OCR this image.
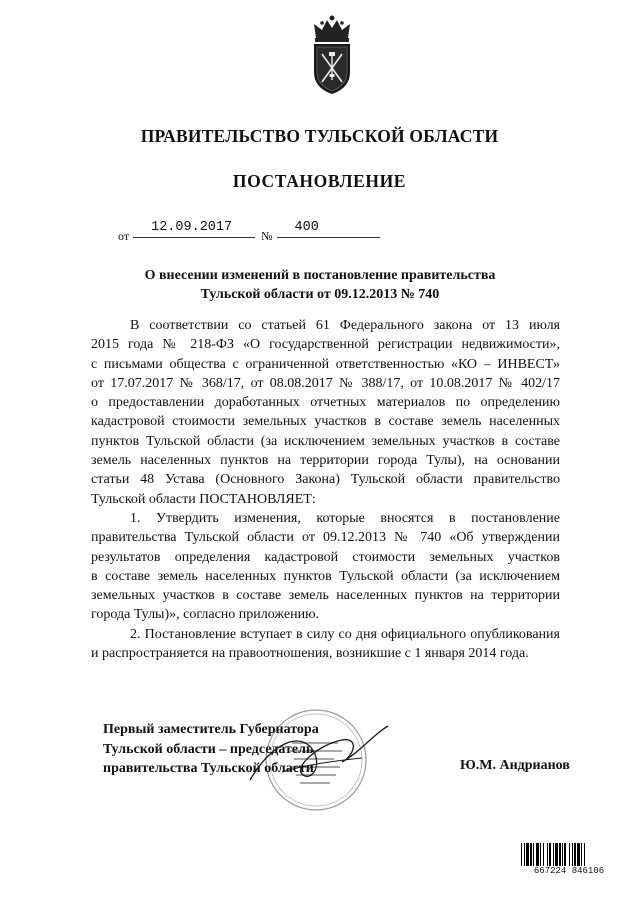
ПРАВИТЕЛЬСТВО ТУЛЬСКОЙ ОБЛАСТИ
ПОСТАНОВЛЕНИЕ
от12.09.2017№400
О внесении изменений в постановление правительства
Тульской области от 09.12.2013 № 740
В соответствии со статьей 61 Федерального закона от 13 июля
2015 года № 218-ФЗ «О государственной регистрации недвижимости»,
с письмами общества с ограниченной ответственностью «КО – ИНВЕСТ»
от 17.07.2017 № 368/17, от 08.08.2017 № 388/17, от 10.08.2017 № 402/17
о предоставлении доработанных отчетных материалов по определению
кадастровой стоимости земельных участков в составе земель населенных
пунктов Тульской области (за исключением земельных участков в составе
земель населенных пунктов на территории города Тулы), на основании
статьи 48 Устава (Основного Закона) Тульской области правительство
Тульской области ПОСТАНОВЛЯЕТ:
1. Утвердить изменения, которые вносятся в постановление
правительства Тульской области от 09.12.2013 № 740 «Об утверждении
результатов определения кадастровой стоимости земельных участков
в составе земель населенных пунктов Тульской области (за исключением
земельных участков в составе земель населенных пунктов на территории
города Тулы)», согласно приложению.
2. Постановление вступает в силу со дня официального опубликования
и распространяется на правоотношения, возникшие с 1 января 2014 года.
Первый заместитель Губернатора
Тульской области – председатель
правительства Тульской области	Ю.М. Андрианов
667224 846106
